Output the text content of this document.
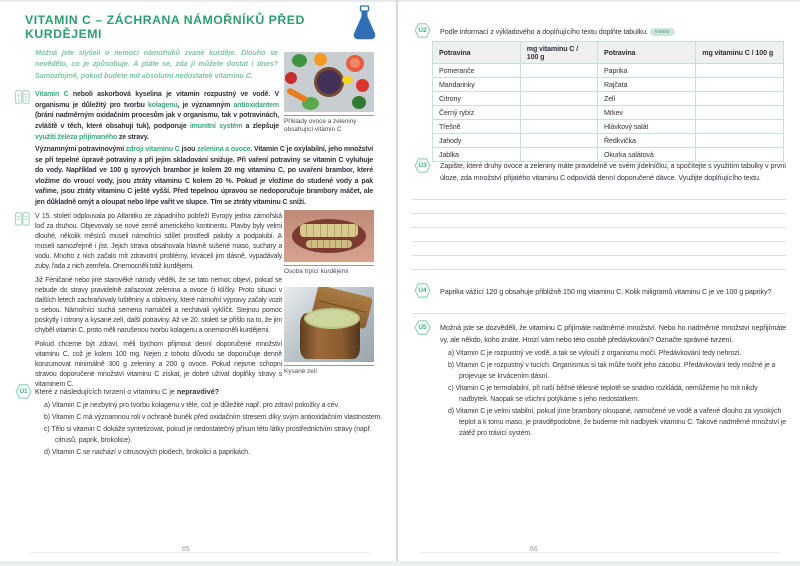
VITAMIN C – ZÁCHRANA NÁMOŘNÍKŮ PŘED KURDĚJEMI
Možná jste slyšeli o nemoci námořníků zvané kurděje. Dlouho se nevědělo, co je způsobuje. A ptáte se, zda ji můžete dostat i dnes? Samozřejmě, pokud budete mít absolutní nedostatek vitaminu C.
Vitamin C neboli askorbová kyselina je vitamin rozpustný ve vodě. V organismu je důležitý pro tvorbu kolagenu, je významným antioxidantem (brání nadměrným oxidačním procesům jak v organismu, tak v potravinách, zvláště v těch, které obsahují tuk), podporuje imunitní systém a zlepšuje využití železa přijímaného ze stravy.
Významnými potravinovými zdroji vitaminu C jsou zelenina a ovoce. Vitamin C je oxylabilní, jeho množství se při tepelné úpravě potraviny a při jejím skladování snižuje. Při vaření potraviny se vitamin C vyluhuje do vody. Například ve 100 g syrových brambor je kolem 20 mg vitaminu C, po uvaření brambor, které vložíme do vroucí vody, jsou ztráty vitaminu C kolem 20 %. Pokud je vložíme do studené vody a pak vaříme, jsou ztráty vitaminu C ještě vyšší. Před tepelnou úpravou se nedoporučuje brambory máčet, ale jen důkladně omýt a oloupat nebo lépe vařit ve slupce. Tím se ztráty vitaminu C sníží.

V 15. století odplouvala po Atlantiku ze západního pobřeží Evropy jedna zámořská loď za druhou. Objevovaly se nové země amerického kontinentu. Plavby byly velmi dlouhé, několik měsíců museli námořníci sdílet prostředí paluby a podpalubí. A museli samozřejmě i jíst. Jejich strava obsahovala hlavně sušené maso, suchary a vodu. Mnoho z nich začalo mít zdravotní problémy, krváceli jim dásně, vypadávaly zuby, řada z nich zemřela. Onemocněli totiž kurdějemi.

Již Féničané nebo jiné starověké národy věděli, že se tato nemoc objeví, pokud se nebude do stravy pravidelně zařazovat zelenina a ovoce či klíčky. Proto situaci v dalších letech zachraňovaly luštěniny a obiloviny, které námořní výpravy začaly vozit s sebou. Námořníci suchá semena namáčeli a nechávali vyklíčit. Stejnou pomoc poskytly i citrony a kysané zelí, další potraviny. Až ve 20. století se přišlo na to, že jim chyběl vitamin C, proto měli narušenou tvorbu kolagenu a onemocněli kurdějemi.

Pokud chceme být zdraví, měli bychom přijmout denní doporučené množství vitaminu C, což je kolem 100 mg. Nejen z tohoto důvodu se doporučuje denně konzumovat minimálně 300 g zeleniny a 200 g ovoce. Pokud nejsme schopni stravou doporučené množství vitaminu C získat, je dobré užívat doplňky stravy s vitaminem C.

Příklady ovoce a zeleniny obsahující vitamin C
Osoba trpící kurdějemi
Kysané zelí
Ú1	Které z následujících tvrzení o vitaminu C je nepravdivé?
a) Vitamin C je nezbytný pro tvorbu kolagenu v těle, což je důležité např. pro zdraví pokožky a cév.
b) Vitamin C má významnou roli v ochraně buněk před oxidačním stresem díky svým antioxidačním vlastnostem.
c) Tělo si vitamin C dokáže syntetizovat, pokud je nedostatečný přísun této látky prostřednictvím stravy (např. citrusů, paprik, brokolice).
d) Vitamin C se nachází v citrusových plodech, brokolici a paprikách.
65
Ú2	Podle informací z výkladového a doplňujícího textu doplňte tabulku. VIDEO
Potravina	mg vitaminu C / 100 g	Potravina	mg vitaminu C / 100 g
Pomeranče		Paprika	
Mandarinky		Rajčata	
Citrony		Zelí	
Černý rybíz		Mrkev	
Třešně		Hlávkový salát	
Jahody		Ředkvička	
Jablka		Okurka salátová	
Ú3	Zapište, které druhy ovoce a zeleniny máte pravidelně ve svém jídelníčku, a spočítejte s využitím tabulky v první úloze, zda množství přijatého vitaminu C odpovídá denní doporučené dávce. Využijte doplňujícího textu.
Ú4	Paprika vážící 120 g obsahuje přibližně 150 mg vitaminu C. Kolik miligramů vitaminu C je ve 100 g papriky?
Ú5	Možná jste se dozvěděli, že vitaminu C přijímáte nadměrné množství. Nebo ho nadměrné množství nepřijímáte vy, ale někdo, koho znáte. Hrozí vám nebo této osobě předávkování? Označte správné tvrzení.
a) Vitamin C je rozpustný ve vodě, a tak se vyloučí z organismu močí. Předávkování tedy nehrozí.
b) Vitamin C je rozpustný v tucích. Organismus si tak může tvořit jeho zásobu. Předávkování tedy možné je a projevuje se krvácením dásní.
c) Vitamin C je termolabilní, při naší běžné tělesné teplotě se snadno rozkládá, nemůžeme ho mít nikdy nadbytek. Naopak se všichni potýkáme s jeho nedostatkem.
d) Vitamin C je velmi stabilní, pokud jíme brambory oloupané, namočené ve vodě a vařené dlouho za vysokých teplot a k tomu maso, je pravděpodobné, že budeme mít nadbytek vitaminu C. Takové nadměrné množství je zátěž pro trávicí systém.
66
